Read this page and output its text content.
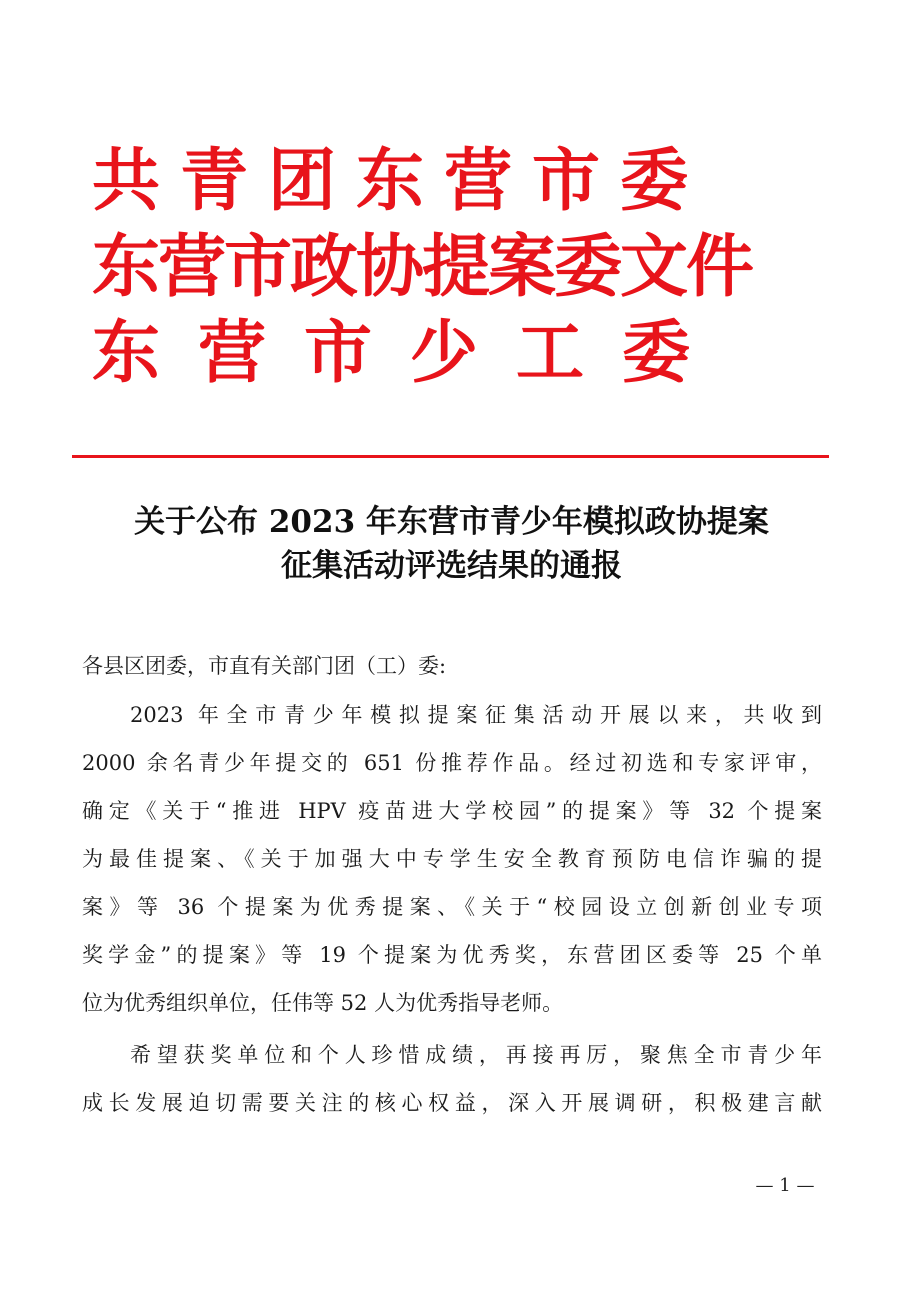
共青团东营市委
东营市政协提案委 文件
东营市少工委
关于公布 2023 年东营市青少年模拟政协提案
征集活动评选结果的通报
各县区团委，市直有关部门团（工）委:
2023 年全市青少年模拟提案征集活动开展以来，共收到
2000 余名青少年提交的 651 份推荐作品。经过初选和专家评审，
确定《关于“推进 HPV 疫苗进大学校园”的提案》等 32 个提案
为最佳提案、《关于加强大中专学生安全教育预防电信诈骗的提
案》等 36 个提案为优秀提案、《关于“校园设立创新创业专项
奖学金”的提案》等 19 个提案为优秀奖，东营团区委等 25 个单
位为优秀组织单位，任伟等 52 人为优秀指导老师。
希望获奖单位和个人珍惜成绩，再接再厉，聚焦全市青少年
成长发展迫切需要关注的核心权益，深入开展调研，积极建言献
— 1 —
